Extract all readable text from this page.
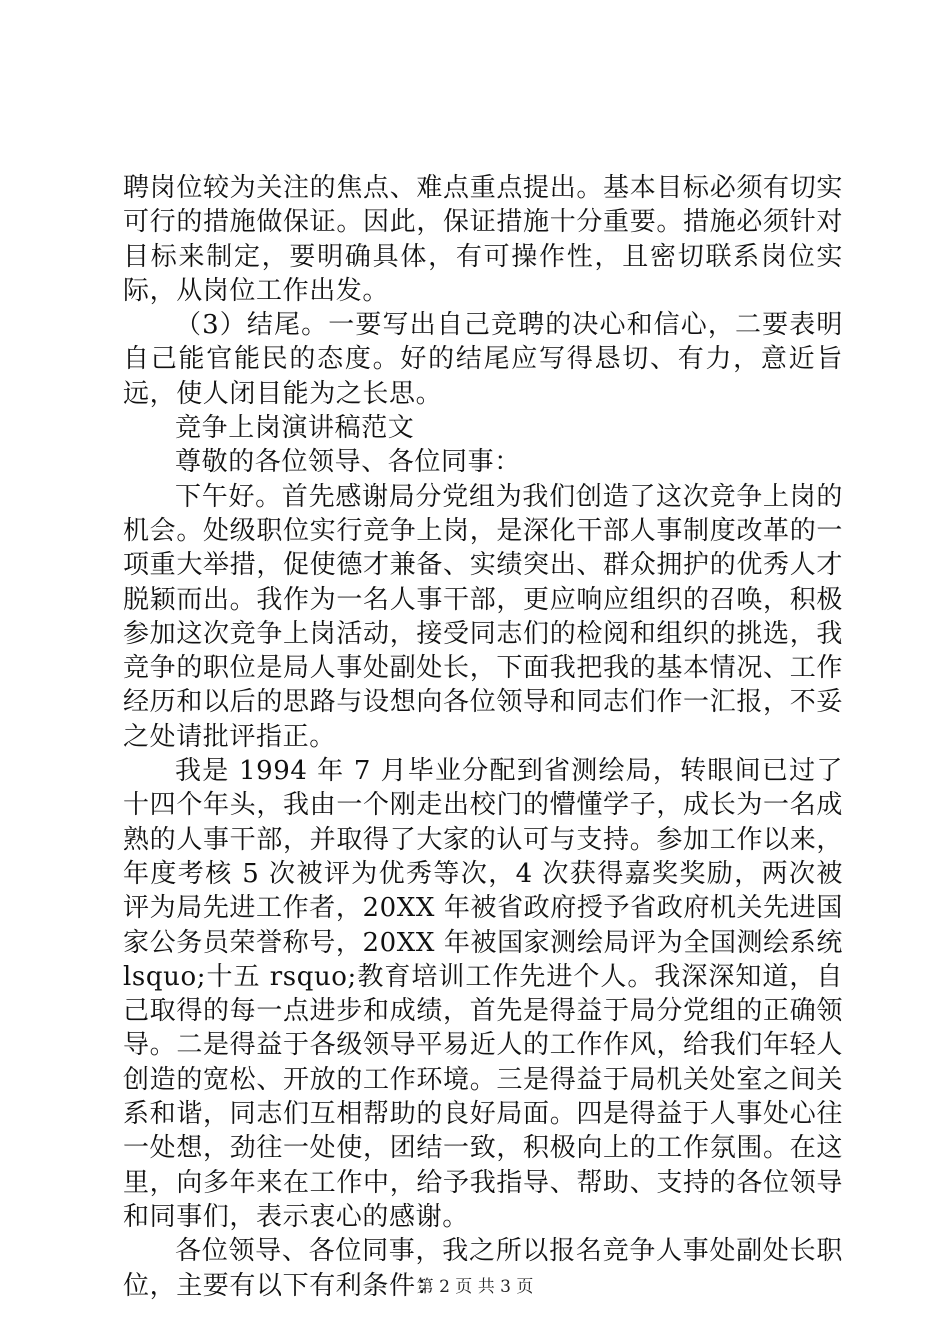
聘岗位较为关注的焦点、难点重点提出。基本目标必须有切实可行的措施做保证。因此，保证措施十分重要。措施必须针对目标来制定，要明确具体，有可操作性，且密切联系岗位实际，从岗位工作出发。

（3）结尾。一要写出自己竞聘的决心和信心，二要表明自己能官能民的态度。好的结尾应写得恳切、有力，意近旨远，使人闭目能为之长思。

竞争上岗演讲稿范文

尊敬的各位领导、各位同事：

下午好。首先感谢局分党组为我们创造了这次竞争上岗的机会。处级职位实行竞争上岗，是深化干部人事制度改革的一项重大举措，促使德才兼备、实绩突出、群众拥护的优秀人才脱颖而出。我作为一名人事干部，更应响应组织的召唤，积极参加这次竞争上岗活动，接受同志们的检阅和组织的挑选，我竞争的职位是局人事处副处长，下面我把我的基本情况、工作经历和以后的思路与设想向各位领导和同志们作一汇报，不妥之处请批评指正。

我是 1994 年 7 月毕业分配到省测绘局，转眼间已过了十四个年头，我由一个刚走出校门的懵懂学子，成长为一名成熟的人事干部，并取得了大家的认可与支持。参加工作以来，年度考核 5 次被评为优秀等次，4 次获得嘉奖奖励，两次被评为局先进工作者，20XX 年被省政府授予省政府机关先进国家公务员荣誉称号，20XX 年被国家测绘局评为全国测绘系统 lsquo;十五 rsquo;教育培训工作先进个人。我深深知道，自己取得的每一点进步和成绩，首先是得益于局分党组的正确领导。二是得益于各级领导平易近人的工作作风，给我们年轻人创造的宽松、开放的工作环境。三是得益于局机关处室之间关系和谐，同志们互相帮助的良好局面。四是得益于人事处心往一处想，劲往一处使，团结一致，积极向上的工作氛围。在这里，向多年来在工作中，给予我指导、帮助、支持的各位领导和同事们，表示衷心的感谢。

各位领导、各位同事，我之所以报名竞争人事处副处长职位，主要有以下有利条件：

第 2 页 共 3 页
